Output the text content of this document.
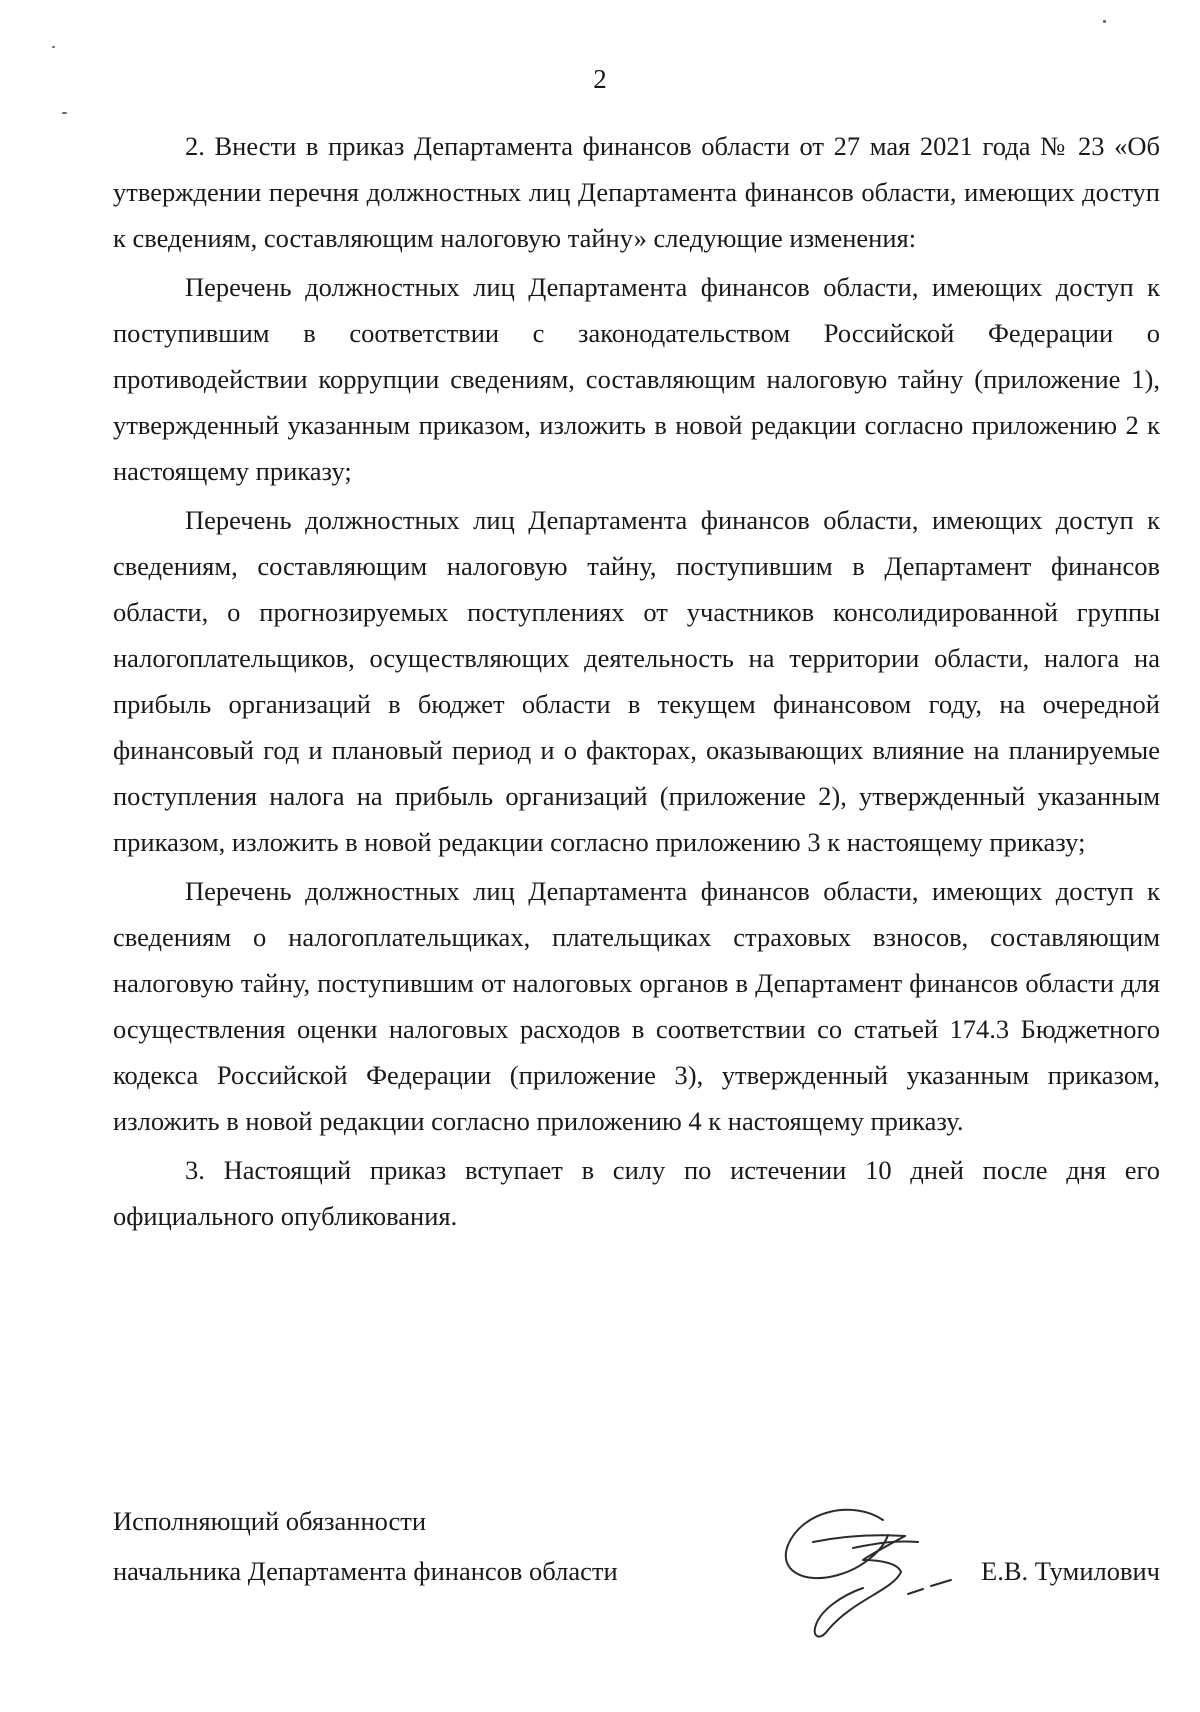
2

2. Внести в приказ Департамента финансов области от 27 мая 2021 года № 23 «Об утверждении перечня должностных лиц Департамента финансов области, имеющих доступ к сведениям, составляющим налоговую тайну» следующие изменения:

Перечень должностных лиц Департамента финансов области, имеющих доступ к поступившим в соответствии с законодательством Российской Федерации о противодействии коррупции сведениям, составляющим налоговую тайну (приложение 1), утвержденный указанным приказом, изложить в новой редакции согласно приложению 2 к настоящему приказу;

Перечень должностных лиц Департамента финансов области, имеющих доступ к сведениям, составляющим налоговую тайну, поступившим в Департамент финансов области, о прогнозируемых поступлениях от участников консолидированной группы налогоплательщиков, осуществляющих деятельность на территории области, налога на прибыль организаций в бюджет области в текущем финансовом году, на очередной финансовый год и плановый период и о факторах, оказывающих влияние на планируемые поступления налога на прибыль организаций (приложение 2), утвержденный указанным приказом, изложить в новой редакции согласно приложению 3 к настоящему приказу;

Перечень должностных лиц Департамента финансов области, имеющих доступ к сведениям о налогоплательщиках, плательщиках страховых взносов, составляющим налоговую тайну, поступившим от налоговых органов в Департамент финансов области для осуществления оценки налоговых расходов в соответствии со статьей 174.3 Бюджетного кодекса Российской Федерации (приложение 3), утвержденный указанным приказом, изложить в новой редакции согласно приложению 4 к настоящему приказу.

3. Настоящий приказ вступает в силу по истечении 10 дней после дня его официального опубликования.

Исполняющий обязанности
начальника Департамента финансов области	Е.В. Тумилович
